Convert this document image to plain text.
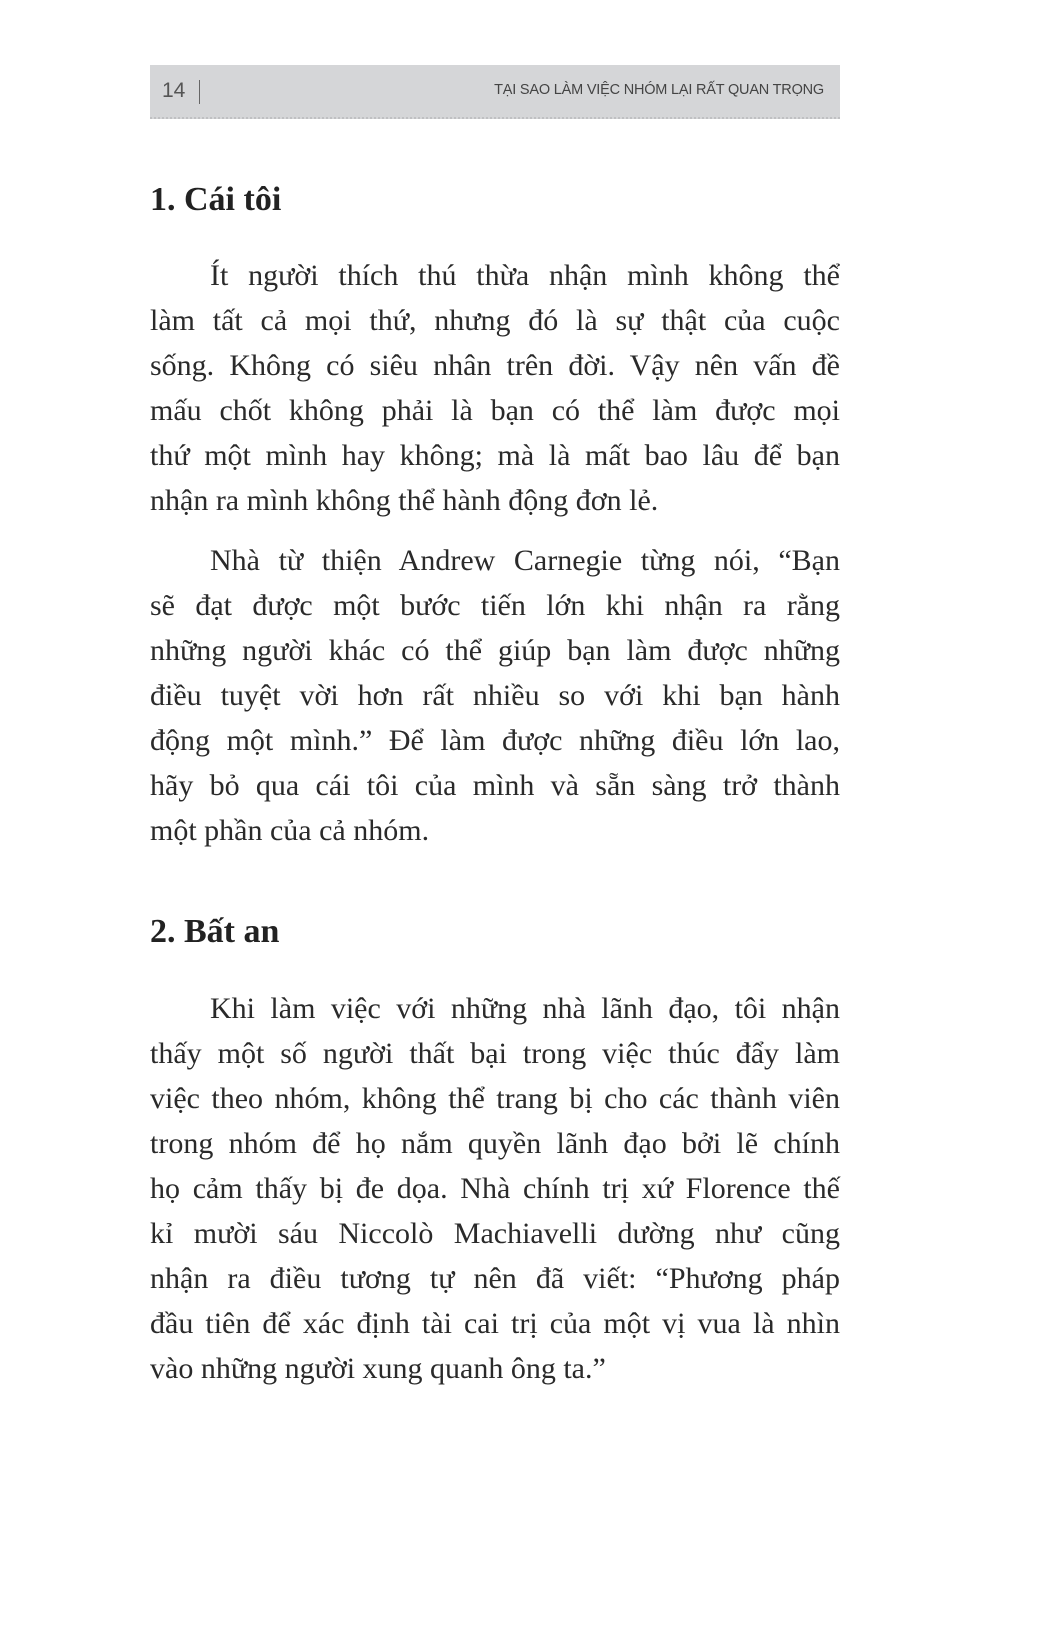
14	TẠI SAO LÀM VIỆC NHÓM LẠI RẤT QUAN TRỌNG
1. Cái tôi
Ít người thích thú thừa nhận mình không thể
làm tất cả mọi thứ, nhưng đó là sự thật của cuộc
sống. Không có siêu nhân trên đời. Vậy nên vấn đề
mấu chốt không phải là bạn có thể làm được mọi
thứ một mình hay không; mà là mất bao lâu để bạn
nhận ra mình không thể hành động đơn lẻ.
Nhà từ thiện Andrew Carnegie từng nói, “Bạn
sẽ đạt được một bước tiến lớn khi nhận ra rằng
những người khác có thể giúp bạn làm được những
điều tuyệt vời hơn rất nhiều so với khi bạn hành
động một mình.” Để làm được những điều lớn lao,
hãy bỏ qua cái tôi của mình và sẵn sàng trở thành
một phần của cả nhóm.
2. Bất an
Khi làm việc với những nhà lãnh đạo, tôi nhận
thấy một số người thất bại trong việc thúc đẩy làm
việc theo nhóm, không thể trang bị cho các thành viên
trong nhóm để họ nắm quyền lãnh đạo bởi lẽ chính
họ cảm thấy bị đe dọa. Nhà chính trị xứ Florence thế
kỉ mười sáu Niccolò Machiavelli dường như cũng
nhận ra điều tương tự nên đã viết: “Phương pháp
đầu tiên để xác định tài cai trị của một vị vua là nhìn
vào những người xung quanh ông ta.”
